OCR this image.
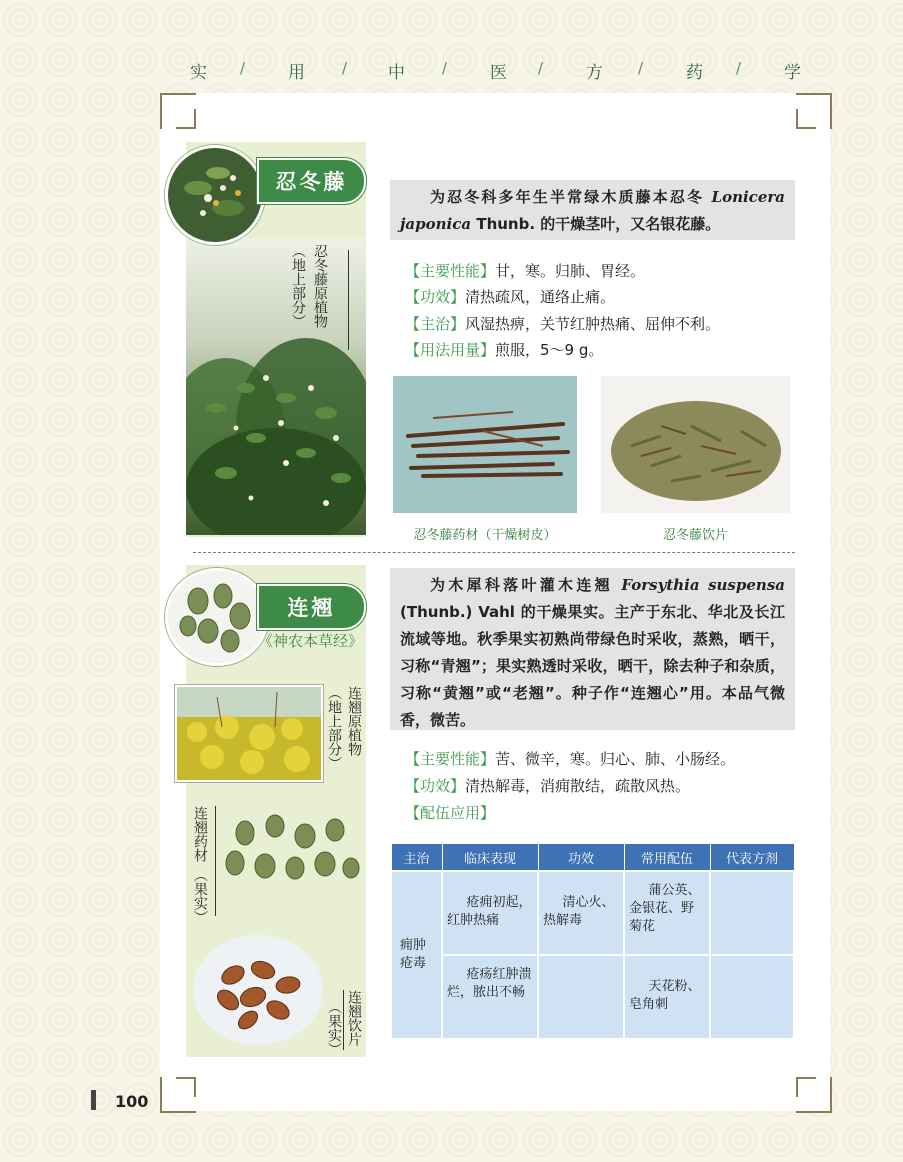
实 / 用 / 中 / 医 / 方 / 药 / 学
忍冬藤
忍冬藤原植物
（地上部分）
为忍冬科多年生半常绿木质藤本忍冬 Lonicera japonica Thunb. 的干燥茎叶，又名银花藤。
【主要性能】甘，寒。归肺、胃经。
【功效】清热疏风，通络止痛。
【主治】风湿热痹，关节红肿热痛、屈伸不利。
【用法用量】煎服，5～9 g。
忍冬藤药材（干燥树皮）	忍冬藤饮片
连翘
《神农本草经》
连翘原植物
（地上部分）
连翘药材
（果实）
连翘饮片
（果实）
为木犀科落叶灌木连翘 Forsythia suspensa (Thunb.) Vahl 的干燥果实。主产于东北、华北及长江流域等地。秋季果实初熟尚带绿色时采收，蒸熟，晒干，习称“青翘”；果实熟透时采收，晒干，除去种子和杂质，习称“黄翘”或“老翘”。种子作“连翘心”用。本品气微香，微苦。
【主要性能】苦、微辛，寒。归心、肺、小肠经。
【功效】清热解毒，消痈散结，疏散风热。
【配伍应用】
主治	临床表现	功效	常用配伍	代表方剂
痈肿疮毒	疮痈初起，红肿热痛	清心火、热解毒	蒲公英、金银花、野菊花	
	疮疡红肿溃烂，脓出不畅		天花粉、皂角刺	
100
